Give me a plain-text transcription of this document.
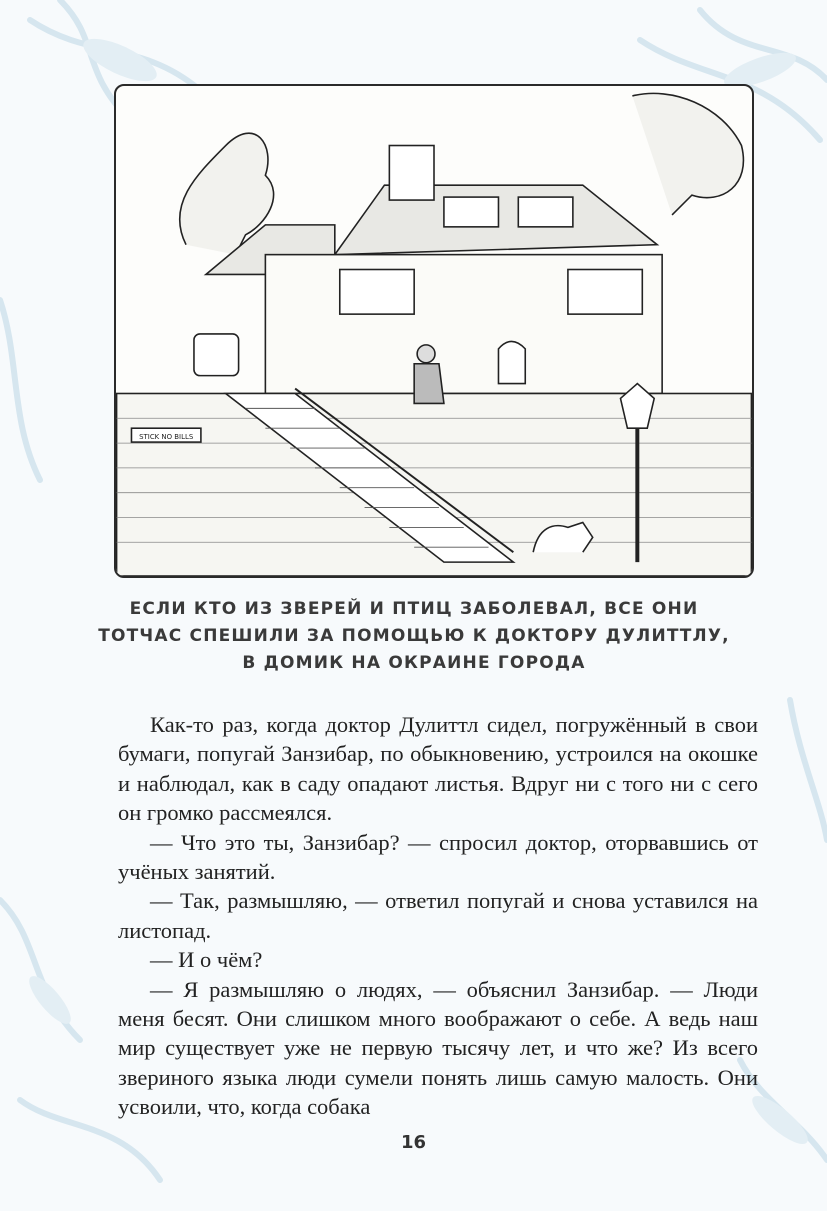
STICK NO BILLS
ЕСЛИ КТО ИЗ ЗВЕРЕЙ И ПТИЦ ЗАБОЛЕВАЛ, ВСЕ ОНИ
ТОТЧАС СПЕШИЛИ ЗА ПОМОЩЬЮ К ДОКТОРУ ДУЛИТТЛУ,
В ДОМИК НА ОКРАИНЕ ГОРОДА

Как-то раз, когда доктор Дулиттл сидел, погружённый в свои бумаги, попугай Занзибар, по обыкновению, устроился на окошке и наблюдал, как в саду опадают листья. Вдруг ни с того ни с сего он громко рассмеялся.

— Что это ты, Занзибар? — спросил доктор, оторвавшись от учёных занятий.

— Так, размышляю, — ответил попугай и снова уставился на листопад.

— И о чём?

— Я размышляю о людях, — объяснил Занзибар. — Люди меня бесят. Они слишком много воображают о себе. А ведь наш мир существует уже не первую тысячу лет, и что же? Из всего звериного языка люди сумели понять лишь самую малость. Они усвоили, что, когда собака

16
